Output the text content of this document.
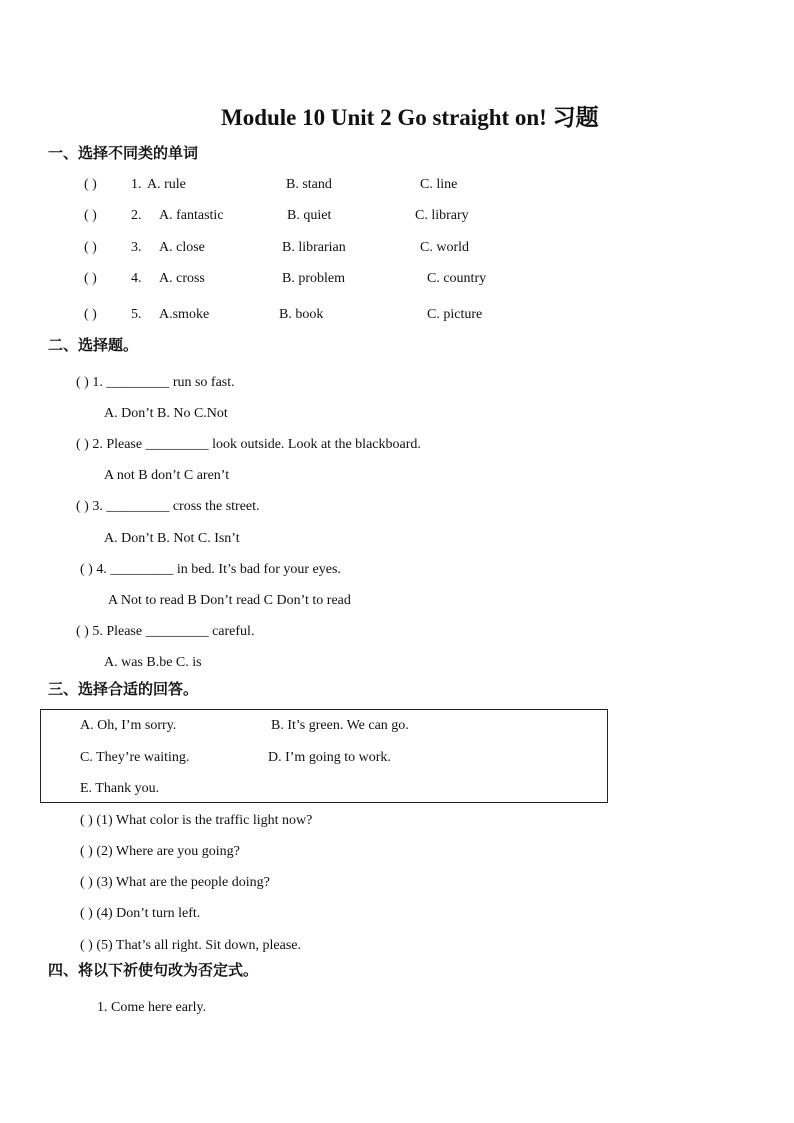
Module 10 Unit 2 Go straight on! 习题
一、选择不同类的单词
( ) 1. A. rule	B. stand	C. line
( ) 2. A. fantastic	B. quiet	C. library
( ) 3. A. close	B. librarian	C. world
( ) 4. A. cross	B. problem	C. country
( ) 5. A.smoke	B. book	C. picture
二、选择题。
( ) 1. _________ run so fast.
A. Don’t B. No C.Not
( ) 2. Please _________ look outside. Look at the blackboard.
A not B don’t C aren’t
( ) 3. _________ cross the street.
A. Don’t B. Not C. Isn’t
( ) 4. _________ in bed. It’s bad for your eyes.
A Not to read B Don’t read C Don’t to read
( ) 5. Please _________ careful.
A. was B.be C. is
三、选择合适的回答。
A. Oh, I’m sorry.	B. It’s green. We can go.
C. They’re waiting.	D. I’m going to work.
E. Thank you.
( ) (1) What color is the traffic light now?
( ) (2) Where are you going?
( ) (3) What are the people doing?
( ) (4) Don’t turn left.
( ) (5) That’s all right. Sit down, please.
四、将以下祈使句改为否定式。
1. Come here early.
